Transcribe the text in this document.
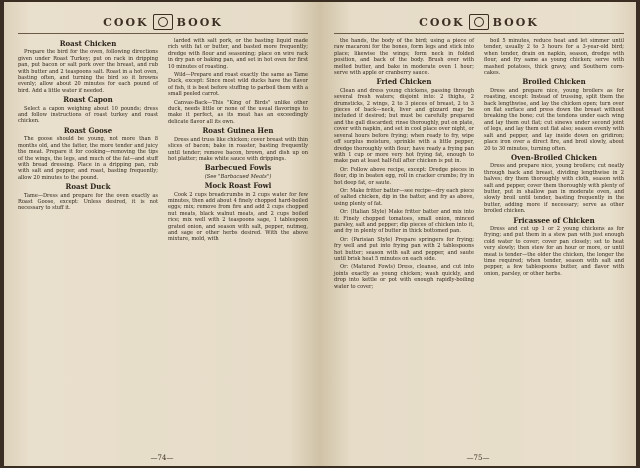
COOK	BOOK
Roast Chicken

Prepare the bird for the oven, following directions given under Roast Turkey; put on rack in dripping pan, put bacon or salt pork over the breast, and rub with butter and 2 teaspoons salt. Roast in a hot oven, basting often, and turning the bird so it browns evenly; allow about 20 minutes for each pound of bird. Add a little water if needed.

Roast Capon

Select a capon weighing about 10 pounds; dress and follow instructions of roast turkey and roast chicken.

Roast Goose

The goose should be young, not more than 8 months old, and the fatter, the more tender and juicy the meat. Prepare it for cooking—removing the tips of the wings, the legs, and much of the fat—and stuff with bread dressing. Place in a dripping pan, rub with salt and pepper, and roast, basting frequently; allow 20 minutes to the pound.

Roast Duck

Tame—Dress and prepare for the oven exactly as Roast Goose, except: Unless desired, it is not necessary to stuff it.

larded with salt pork, or the basting liquid made rich with fat or butter, and basted more frequently; dredge with flour and seasoning; place on wire rack in dry pan or baking pan, and set in hot oven for first 10 minutes of roasting.

Wild—Prepare and roast exactly the same as Tame Duck, except: Since most wild ducks have the flavor of fish, it is best before stuffing to parboil them with a small peeled carrot.

Canvas-Back—This "King of Birds" unlike other duck, needs little or none of the usual flavorings to make it perfect, as its meat has an exceedingly delicate flavor all its own.

Roast Guinea Hen

Dress and truss like chicken; cover breast with thin slices of bacon; bake in roaster, basting frequently until tender; remove bacon, brown, and dish up on hot platter; make white sauce with drippings.

Barbecued Fowls
(See "Barbacued Meats")
Mock Roast Fowl

Cook 2 cups breadcrumbs in 2 cups water for few minutes, then add about 4 finely chopped hard-boiled eggs; mix; remove from fire and add 2 cups chopped nut meats, black walnut meats, and 2 cups boiled rice; mix well with 2 teaspoons sage, 1 tablespoon grated onion, and season with salt, pepper, nutmeg, and sage or other herbs desired. With the above mixture, mold, with

—74—
COOK	BOOK

the hands, the body of the bird; using a piece of raw macaroni for the bones, form legs and stick into place; likewise the wings; form neck in folded position, and back of the body. Brush over with melted butter, and bake in moderate oven 1 hour; serve with apple or cranberry sauce.

Fried Chicken

Clean and dress young chickens, passing through several fresh waters; disjoint into: 2 thighs, 2 drumsticks, 2 wings, 2 to 3 pieces of breast, 2 to 3 pieces of back—neck, liver and gizzard may be included if desired; but must be carefully prepared and the gall discarded; rinse thoroughly, put on plate, cover with napkin, and set in cool place over night, or several hours before frying; when ready to fry, wipe off surplus moisture, sprinkle with a little pepper, dredge thoroughly with flour; have ready a frying pan with 1 cup or more very hot frying fat, enough to make pan at least half-full after chicken is put in.

Or: Follow above recipe, except: Dredge pieces in flour, dip in beaten egg, roll in cracker crumbs; fry in hot deep fat, or saute.

Or: Make fritter batter—see recipe—dry each piece of salted chicken, dip in the batter, and fry as above, using plenty of fat.

Or: (Italian Style) Make fritter batter and mix into it: Finely chopped tomatoes, small onion, minced parsley, salt and pepper; dip pieces of chicken into it, and fry in plenty of butter in thick bottomed pan.

Or: (Parisian Style) Prepare springers for frying; fry well and put into frying pan with 2 tablespoons hot butter; season with salt and pepper, and saute until brisk heat 5 minutes on each side.

Or: (Matured Fowls) Dress, cleanse, and cut into joints exactly as young chicken; wash quickly, and drop into kettle or pot with enough rapidly-boiling water to cover;

boil 5 minutes, reduce heat and let simmer until tender, usually 2 to 3 hours for a 3-year-old bird; when tender, drain on napkin, season, dredge with flour, and fry same as young chicken; serve with mashed potatoes, thick gravy, and Southern corn-cakes.

Broiled Chicken

Dress and prepare nice, young broilers as for roasting, except: Instead of trussing, split them the back lengthwise, and lay the chicken open; turn over on flat surface and press down the breast without breaking the bone; cut the tendons under each wing and lay them out flat; cut sinews under second joint of legs, and lay them out flat also; season evenly with salt and pepper, and lay inside down on gridiron; place iron over a direct fire, and broil slowly, about 20 to 30 minutes, turning often.

Oven-Broiled Chicken

Dress and prepare nice, young broilers; cut neatly through back and breast, dividing lengthwise in 2 halves; dry them thoroughly with cloth, season with salt and pepper, cover them thoroughly with plenty of butter, put in shallow pan in moderate oven, and slowly broil until tender, basting frequently in the butter, adding more if necessary; serve as other broiled chicken.

Fricassee of Chicken

Dress and cut up 1 or 2 young chickens as for frying; and put them in a stew pan with just enough cold water to cover; cover pan closely; set to heat very slowly; then stew for an hour or more, or until meat is tender—the older the chicken, the longer the time required; when tender, season with salt and pepper, a few tablespoons butter, and flavor with onion, parsley, or other herbs.

—75—
